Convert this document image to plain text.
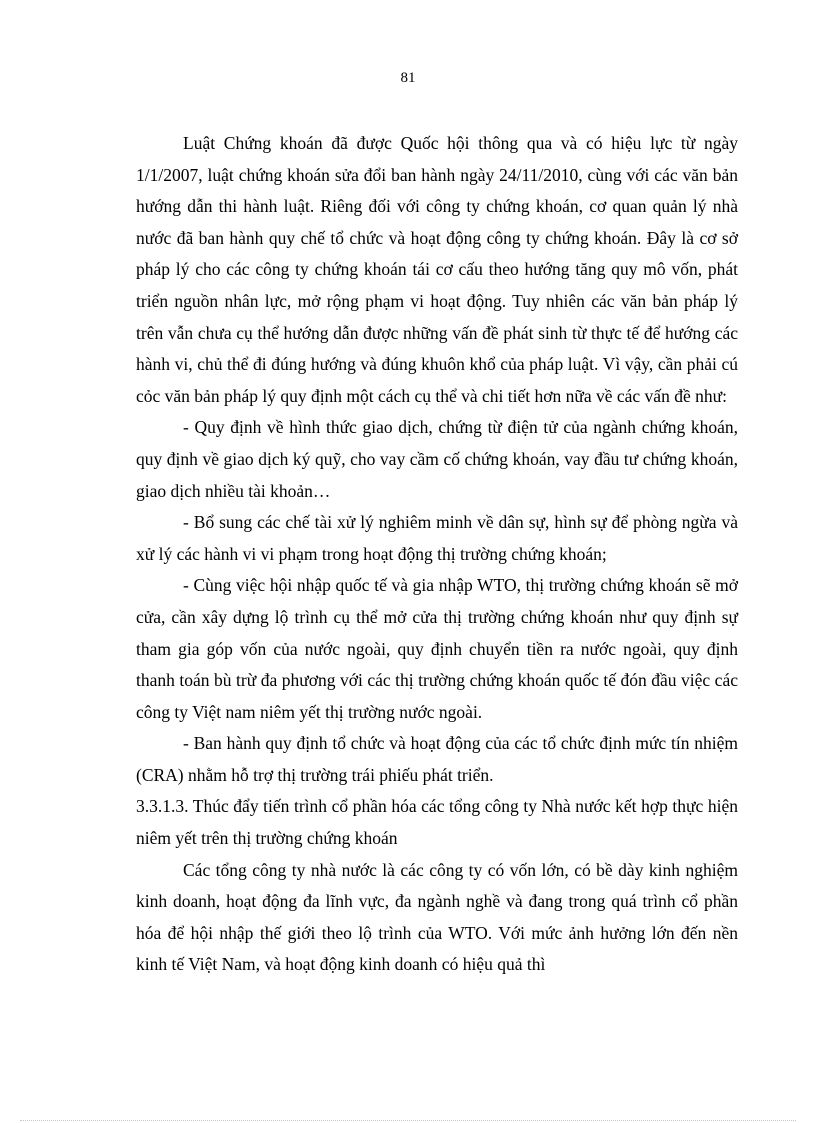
81

Luật Chứng khoán đã được Quốc hội thông qua và có hiệu lực từ ngày 1/1/2007, luật chứng khoán sửa đổi ban hành ngày 24/11/2010, cùng với các văn bản hướng dẫn thi hành luật. Riêng đối với công ty chứng khoán, cơ quan quản lý nhà nước đã ban hành quy chế tổ chức và hoạt động công ty chứng khoán. Đây là cơ sở pháp lý cho các công ty chứng khoán tái cơ cấu theo hướng tăng quy mô vốn, phát triển nguồn nhân lực, mở rộng phạm vi hoạt động. Tuy nhiên các văn bản pháp lý trên vẫn chưa cụ thể hướng dẫn được những vấn đề phát sinh từ thực tế để hướng các hành vi, chủ thể đi đúng hướng và đúng khuôn khổ của pháp luật. Vì vậy, cần phải cú cỏc văn bản pháp lý quy định một cách cụ thể và chi tiết hơn nữa về các vấn đề như:

- Quy định về hình thức giao dịch, chứng từ điện tử của ngành chứng khoán, quy định về giao dịch ký quỹ, cho vay cầm cố chứng khoán, vay đầu tư chứng khoán, giao dịch nhiều tài khoản…

- Bổ sung các chế tài xử lý nghiêm minh về dân sự, hình sự để phòng ngừa và xử lý các hành vi vi phạm trong hoạt động thị trường chứng khoán;

- Cùng việc hội nhập quốc tế và gia nhập WTO, thị trường chứng khoán sẽ mở cửa, cần xây dựng lộ trình cụ thể mở cửa thị trường chứng khoán như quy định sự tham gia góp vốn của nước ngoài, quy định chuyển tiền ra nước ngoài, quy định thanh toán bù trừ đa phương với các thị trường chứng khoán quốc tế đón đầu việc các công ty Việt nam niêm yết thị trường nước ngoài.

- Ban hành quy định tổ chức và hoạt động của các tổ chức định mức tín nhiệm (CRA) nhằm hỗ trợ thị trường trái phiếu phát triển.

3.3.1.3. Thúc đẩy tiến trình cổ phần hóa các tổng công ty Nhà nước kết hợp thực hiện niêm yết trên thị trường chứng khoán

Các tổng công ty nhà nước là các công ty có vốn lớn, có bề dày kinh nghiệm kinh doanh, hoạt động đa lĩnh vực, đa ngành nghề và đang trong quá trình cổ phần hóa để hội nhập thế giới theo lộ trình của WTO. Với mức ảnh hưởng lớn đến nền kinh tế Việt Nam, và hoạt động kinh doanh có hiệu quả thì
